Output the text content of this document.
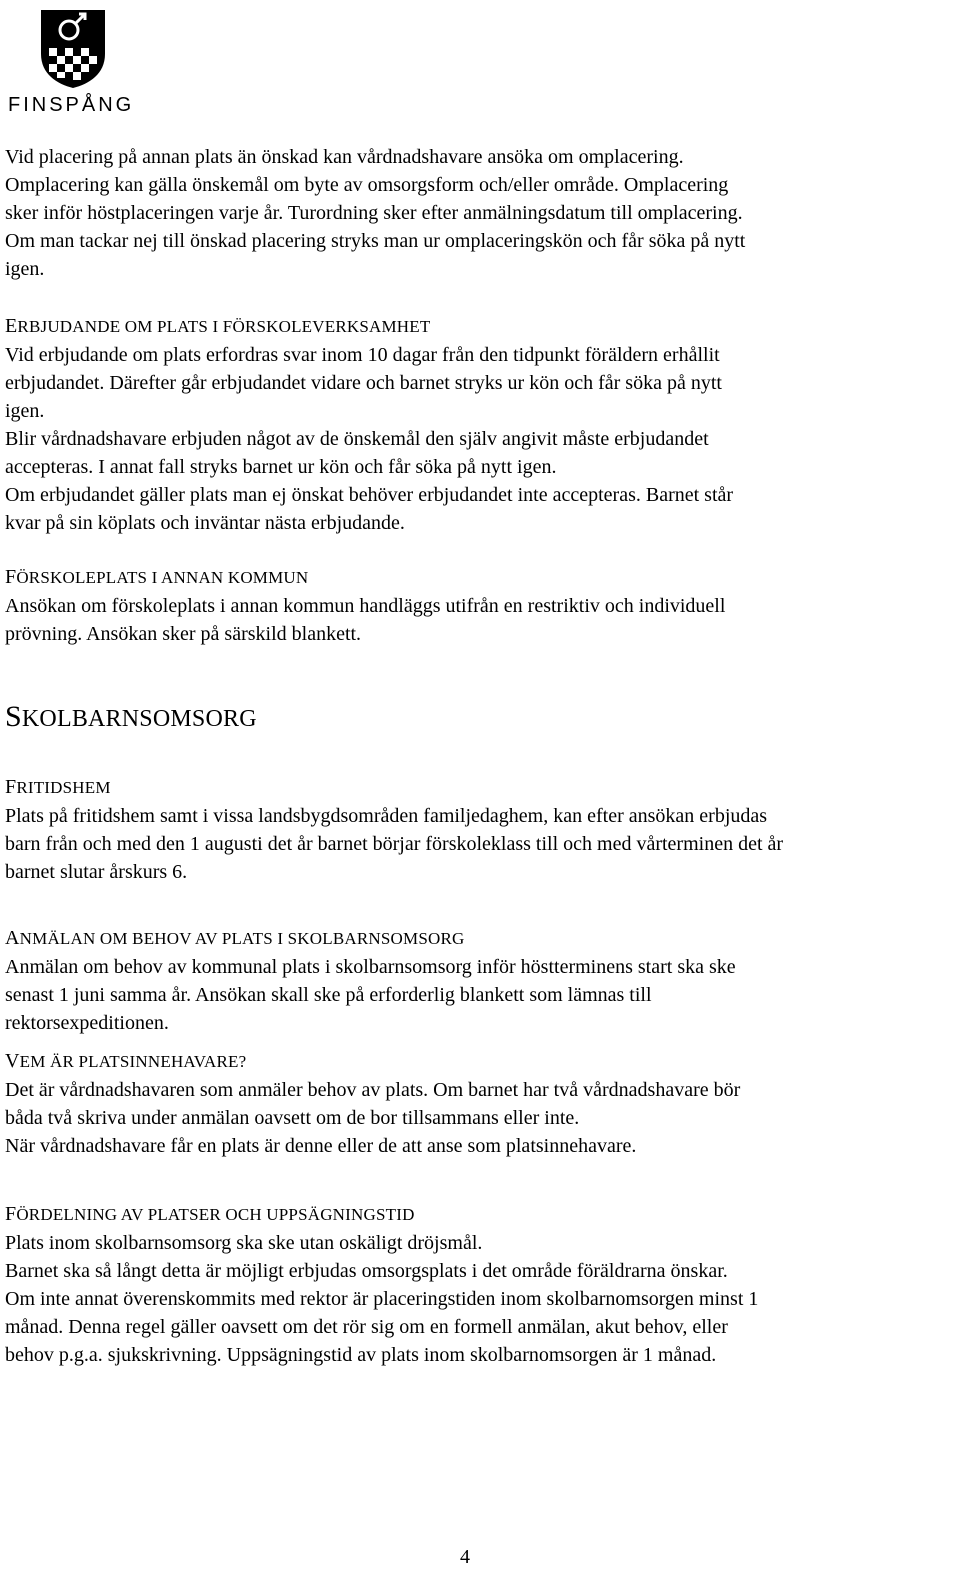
FINSPÅNG
Vid placering på annan plats än önskad kan vårdnadshavare ansöka om omplacering.
Omplacering kan gälla önskemål om byte av omsorgsform och/eller område. Omplacering
sker inför höstplaceringen varje år. Turordning sker efter anmälningsdatum till omplacering.
Om man tackar nej till önskad placering stryks man ur omplaceringskön och får söka på nytt
igen.
ERBJUDANDE OM PLATS I FÖRSKOLEVERKSAMHET
Vid erbjudande om plats erfordras svar inom 10 dagar från den tidpunkt föräldern erhållit
erbjudandet. Därefter går erbjudandet vidare och barnet stryks ur kön och får söka på nytt
igen.
Blir vårdnadshavare erbjuden något av de önskemål den själv angivit måste erbjudandet
accepteras. I annat fall stryks barnet ur kön och får söka på nytt igen.
Om erbjudandet gäller plats man ej önskat behöver erbjudandet inte accepteras. Barnet står
kvar på sin köplats och inväntar nästa erbjudande.
FÖRSKOLEPLATS I ANNAN KOMMUN
Ansökan om förskoleplats i annan kommun handläggs utifrån en restriktiv och individuell
prövning. Ansökan sker på särskild blankett.
SKOLBARNSOMSORG
FRITIDSHEM
Plats på fritidshem samt i vissa landsbygdsområden familjedaghem, kan efter ansökan erbjudas
barn från och med den 1 augusti det år barnet börjar förskoleklass till och med vårterminen det år
barnet slutar årskurs 6.
ANMÄLAN OM BEHOV AV PLATS I SKOLBARNSOMSORG
Anmälan om behov av kommunal plats i skolbarnsomsorg inför höstterminens start ska ske
senast 1 juni samma år. Ansökan skall ske på erforderlig blankett som lämnas till
rektorsexpeditionen.
VEM ÄR PLATSINNEHAVARE?
Det är vårdnadshavaren som anmäler behov av plats. Om barnet har två vårdnadshavare bör
båda två skriva under anmälan oavsett om de bor tillsammans eller inte.
När vårdnadshavare får en plats är denne eller de att anse som platsinnehavare.
FÖRDELNING AV PLATSER OCH UPPSÄGNINGSTID
Plats inom skolbarnsomsorg ska ske utan oskäligt dröjsmål.
Barnet ska så långt detta är möjligt erbjudas omsorgsplats i det område föräldrarna önskar.
Om inte annat överenskommits med rektor är placeringstiden inom skolbarnomsorgen minst 1
månad. Denna regel gäller oavsett om det rör sig om en formell anmälan, akut behov, eller
behov p.g.a. sjukskrivning. Uppsägningstid av plats inom skolbarnomsorgen är 1 månad.
4
